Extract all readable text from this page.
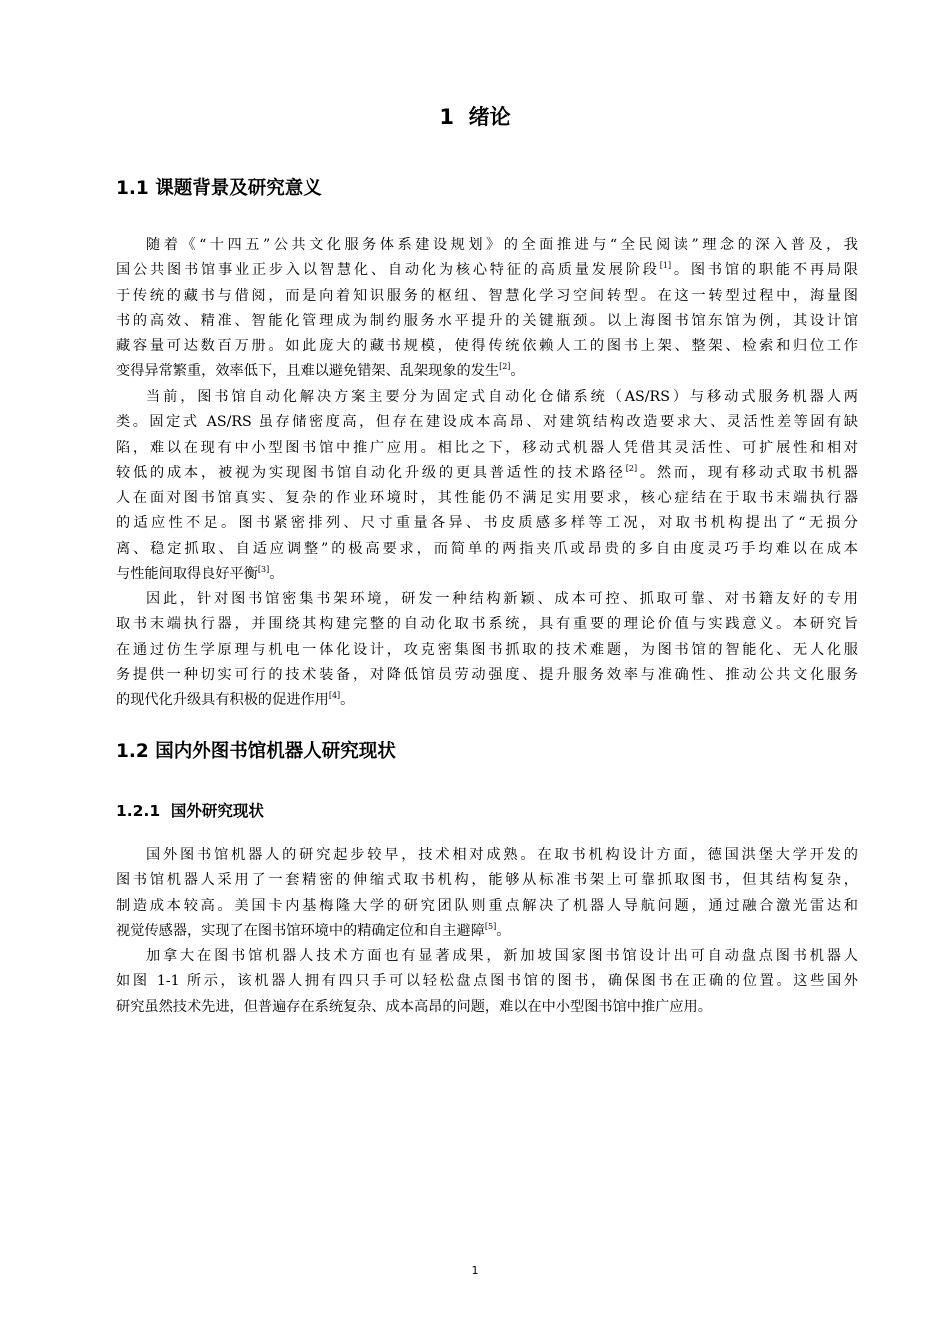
1  绪论
1.1 课题背景及研究意义
随着《“十四五”公共文化服务体系建设规划》的全面推进与“全民阅读”理念的深入普及，我
国公共图书馆事业正步入以智慧化、自动化为核心特征的高质量发展阶段[1]。图书馆的职能不再局限
于传统的藏书与借阅，而是向着知识服务的枢纽、智慧化学习空间转型。在这一转型过程中，海量图
书的高效、精准、智能化管理成为制约服务水平提升的关键瓶颈。以上海图书馆东馆为例，其设计馆
藏容量可达数百万册。如此庞大的藏书规模，使得传统依赖人工的图书上架、整架、检索和归位工作
变得异常繁重，效率低下，且难以避免错架、乱架现象的发生[2]。
当前，图书馆自动化解决方案主要分为固定式自动化仓储系统（AS/RS）与移动式服务机器人两
类。固定式 AS/RS 虽存储密度高，但存在建设成本高昂、对建筑结构改造要求大、灵活性差等固有缺
陷，难以在现有中小型图书馆中推广应用。相比之下，移动式机器人凭借其灵活性、可扩展性和相对
较低的成本，被视为实现图书馆自动化升级的更具普适性的技术路径[2]。然而，现有移动式取书机器
人在面对图书馆真实、复杂的作业环境时，其性能仍不满足实用要求，核心症结在于取书末端执行器
的适应性不足。图书紧密排列、尺寸重量各异、书皮质感多样等工况，对取书机构提出了“无损分
离、稳定抓取、自适应调整”的极高要求，而简单的两指夹爪或昂贵的多自由度灵巧手均难以在成本
与性能间取得良好平衡[3]。
因此，针对图书馆密集书架环境，研发一种结构新颖、成本可控、抓取可靠、对书籍友好的专用
取书末端执行器，并围绕其构建完整的自动化取书系统，具有重要的理论价值与实践意义。本研究旨
在通过仿生学原理与机电一体化设计，攻克密集图书抓取的技术难题，为图书馆的智能化、无人化服
务提供一种切实可行的技术装备，对降低馆员劳动强度、提升服务效率与准确性、推动公共文化服务
的现代化升级具有积极的促进作用[4]。
1.2 国内外图书馆机器人研究现状
1.2.1  国外研究现状
国外图书馆机器人的研究起步较早，技术相对成熟。在取书机构设计方面，德国洪堡大学开发的
图书馆机器人采用了一套精密的伸缩式取书机构，能够从标准书架上可靠抓取图书，但其结构复杂，
制造成本较高。美国卡内基梅隆大学的研究团队则重点解决了机器人导航问题，通过融合激光雷达和
视觉传感器，实现了在图书馆环境中的精确定位和自主避障[5]。
加拿大在图书馆机器人技术方面也有显著成果，新加坡国家图书馆设计出可自动盘点图书机器人
如图 1-1 所示，该机器人拥有四只手可以轻松盘点图书馆的图书，确保图书在正确的位置。这些国外
研究虽然技术先进，但普遍存在系统复杂、成本高昂的问题，难以在中小型图书馆中推广应用。
1
